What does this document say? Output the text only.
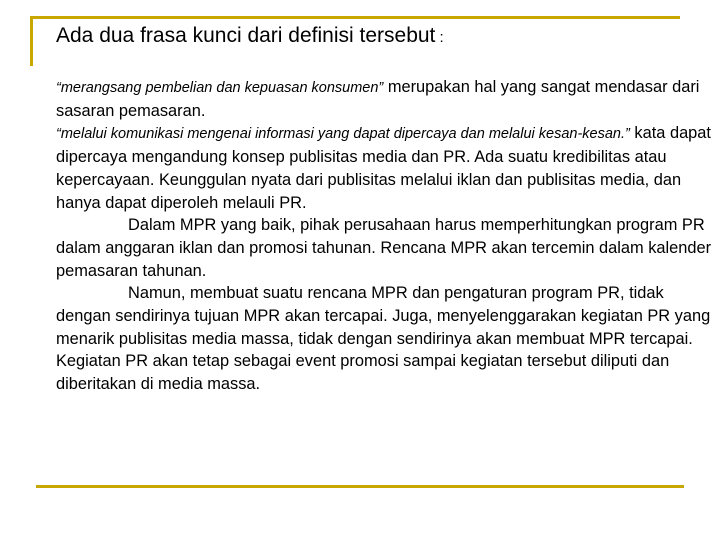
Ada dua frasa kunci dari definisi tersebut :

“merangsang pembelian dan kepuasan konsumen” merupakan hal yang sangat mendasar dari sasaran pemasaran.

“melalui komunikasi mengenai informasi yang dapat dipercaya dan melalui kesan-kesan.” kata dapat dipercaya mengandung konsep publisitas media dan PR. Ada suatu kredibilitas atau kepercayaan. Keunggulan nyata dari publisitas melalui iklan dan publisitas media, dan hanya dapat diperoleh melauli PR.

Dalam MPR yang baik, pihak perusahaan harus memperhitungkan program PR dalam anggaran iklan dan promosi tahunan. Rencana MPR akan tercemin dalam kalender pemasaran tahunan.

Namun, membuat suatu rencana MPR dan pengaturan program PR, tidak dengan sendirinya tujuan MPR akan tercapai. Juga, menyelenggarakan kegiatan PR yang menarik publisitas media massa, tidak dengan sendirinya akan membuat MPR tercapai. Kegiatan PR akan tetap sebagai event promosi sampai kegiatan tersebut diliputi dan diberitakan di media massa.
